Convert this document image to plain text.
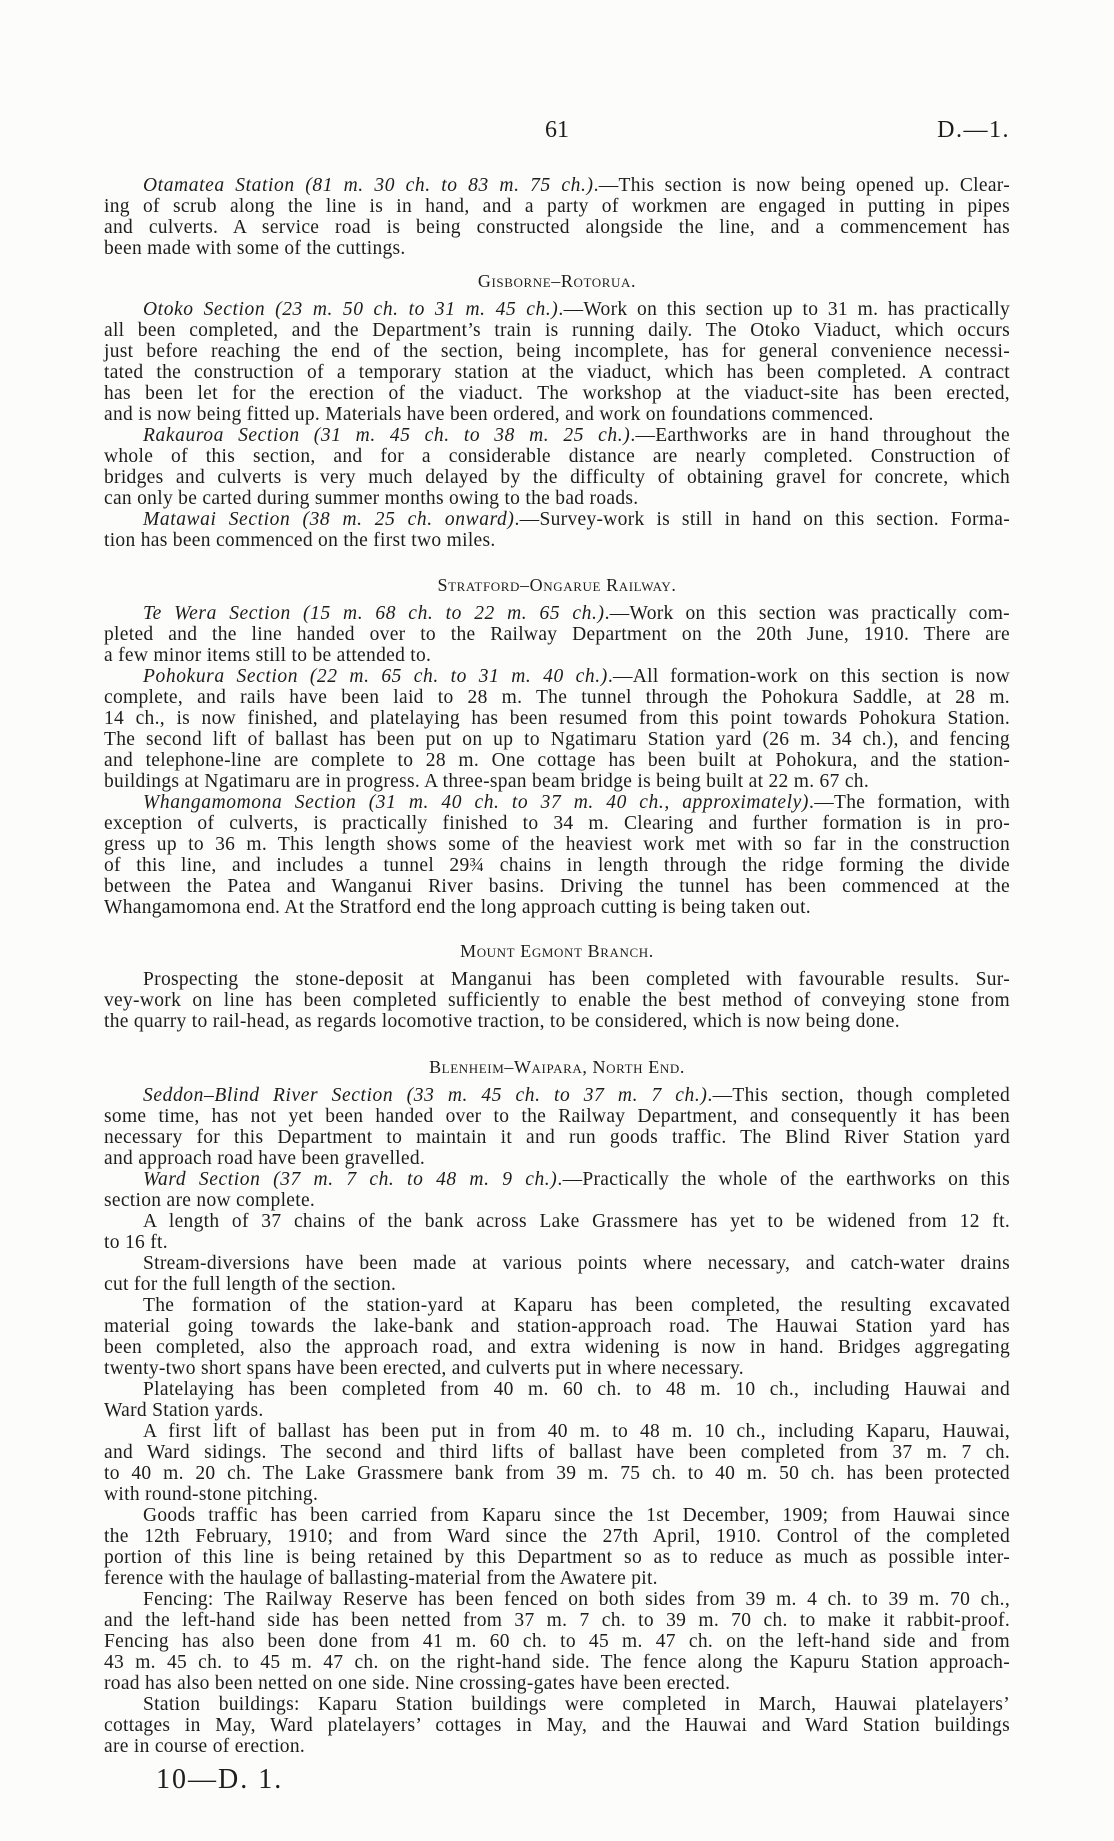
61	D.—1.
Otamatea Station (81 m. 30 ch. to 83 m. 75 ch.).—This section is now being opened up. Clear-
ing of scrub along the line is in hand, and a party of workmen are engaged in putting in pipes
and culverts. A service road is being constructed alongside the line, and a commencement has
been made with some of the cuttings.
Gisborne–Rotorua.
Otoko Section (23 m. 50 ch. to 31 m. 45 ch.).—Work on this section up to 31 m. has practically
all been completed, and the Department’s train is running daily. The Otoko Viaduct, which occurs
just before reaching the end of the section, being incomplete, has for general convenience necessi-
tated the construction of a temporary station at the viaduct, which has been completed. A contract
has been let for the erection of the viaduct. The workshop at the viaduct-site has been erected,
and is now being fitted up. Materials have been ordered, and work on foundations commenced.
Rakauroa Section (31 m. 45 ch. to 38 m. 25 ch.).—Earthworks are in hand throughout the
whole of this section, and for a considerable distance are nearly completed. Construction of
bridges and culverts is very much delayed by the difficulty of obtaining gravel for concrete, which
can only be carted during summer months owing to the bad roads.
Matawai Section (38 m. 25 ch. onward).—Survey-work is still in hand on this section. Forma-
tion has been commenced on the first two miles.
Stratford–Ongarue Railway.
Te Wera Section (15 m. 68 ch. to 22 m. 65 ch.).—Work on this section was practically com-
pleted and the line handed over to the Railway Department on the 20th June, 1910. There are
a few minor items still to be attended to.
Pohokura Section (22 m. 65 ch. to 31 m. 40 ch.).—All formation-work on this section is now
complete, and rails have been laid to 28 m. The tunnel through the Pohokura Saddle, at 28 m.
14 ch., is now finished, and platelaying has been resumed from this point towards Pohokura Station.
The second lift of ballast has been put on up to Ngatimaru Station yard (26 m. 34 ch.), and fencing
and telephone-line are complete to 28 m. One cottage has been built at Pohokura, and the station-
buildings at Ngatimaru are in progress. A three-span beam bridge is being built at 22 m. 67 ch.
Whangamomona Section (31 m. 40 ch. to 37 m. 40 ch., approximately).—The formation, with
exception of culverts, is practically finished to 34 m. Clearing and further formation is in pro-
gress up to 36 m. This length shows some of the heaviest work met with so far in the construction
of this line, and includes a tunnel 29¾ chains in length through the ridge forming the divide
between the Patea and Wanganui River basins. Driving the tunnel has been commenced at the
Whangamomona end. At the Stratford end the long approach cutting is being taken out.
Mount Egmont Branch.
Prospecting the stone-deposit at Manganui has been completed with favourable results. Sur-
vey-work on line has been completed sufficiently to enable the best method of conveying stone from
the quarry to rail-head, as regards locomotive traction, to be considered, which is now being done.
Blenheim–Waipara, North End.
Seddon–Blind River Section (33 m. 45 ch. to 37 m. 7 ch.).—This section, though completed
some time, has not yet been handed over to the Railway Department, and consequently it has been
necessary for this Department to maintain it and run goods traffic. The Blind River Station yard
and approach road have been gravelled.
Ward Section (37 m. 7 ch. to 48 m. 9 ch.).—Practically the whole of the earthworks on this
section are now complete.
A length of 37 chains of the bank across Lake Grassmere has yet to be widened from 12 ft.
to 16 ft.
Stream-diversions have been made at various points where necessary, and catch-water drains
cut for the full length of the section.
The formation of the station-yard at Kaparu has been completed, the resulting excavated
material going towards the lake-bank and station-approach road. The Hauwai Station yard has
been completed, also the approach road, and extra widening is now in hand. Bridges aggregating
twenty-two short spans have been erected, and culverts put in where necessary.
Platelaying has been completed from 40 m. 60 ch. to 48 m. 10 ch., including Hauwai and
Ward Station yards.
A first lift of ballast has been put in from 40 m. to 48 m. 10 ch., including Kaparu, Hauwai,
and Ward sidings. The second and third lifts of ballast have been completed from 37 m. 7 ch.
to 40 m. 20 ch. The Lake Grassmere bank from 39 m. 75 ch. to 40 m. 50 ch. has been protected
with round-stone pitching.
Goods traffic has been carried from Kaparu since the 1st December, 1909; from Hauwai since
the 12th February, 1910; and from Ward since the 27th April, 1910. Control of the completed
portion of this line is being retained by this Department so as to reduce as much as possible inter-
ference with the haulage of ballasting-material from the Awatere pit.
Fencing: The Railway Reserve has been fenced on both sides from 39 m. 4 ch. to 39 m. 70 ch.,
and the left-hand side has been netted from 37 m. 7 ch. to 39 m. 70 ch. to make it rabbit-proof.
Fencing has also been done from 41 m. 60 ch. to 45 m. 47 ch. on the left-hand side and from
43 m. 45 ch. to 45 m. 47 ch. on the right-hand side. The fence along the Kapuru Station approach-
road has also been netted on one side. Nine crossing-gates have been erected.
Station buildings: Kaparu Station buildings were completed in March, Hauwai platelayers’
cottages in May, Ward platelayers’ cottages in May, and the Hauwai and Ward Station buildings
are in course of erection.
10—D. 1.
